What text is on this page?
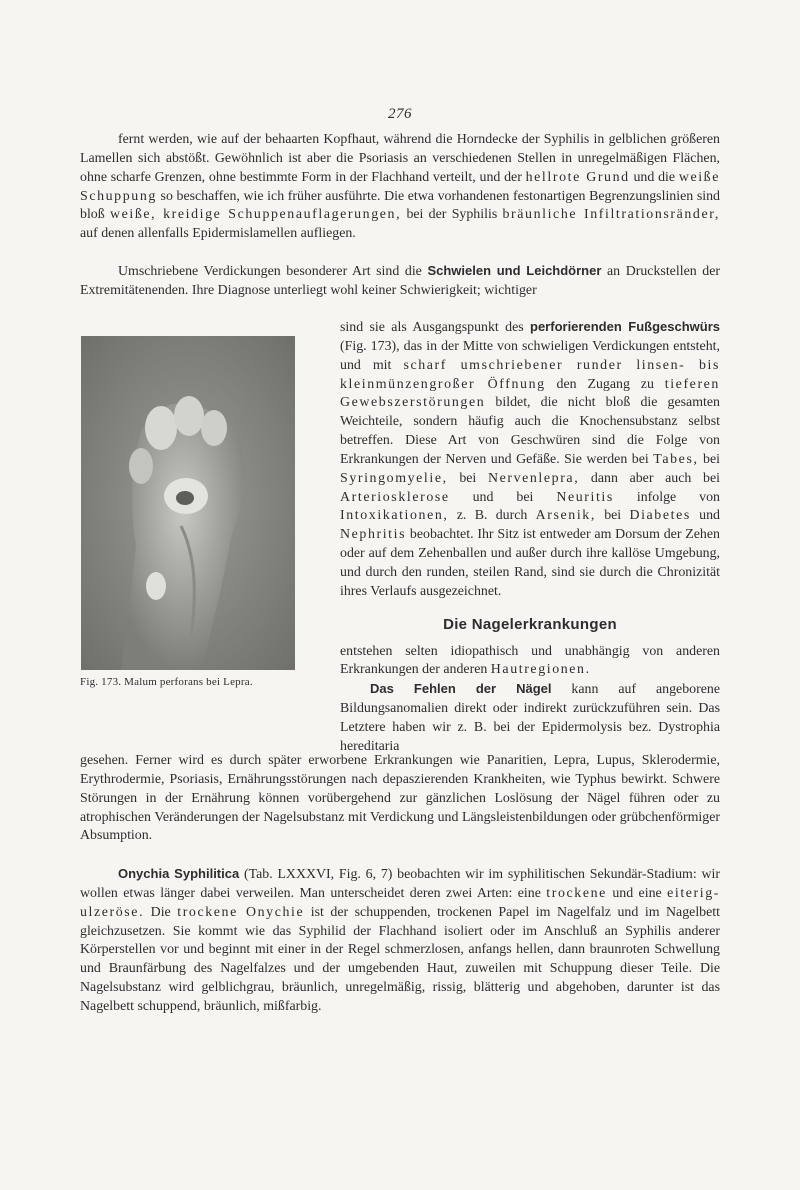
276
fernt werden, wie auf der behaarten Kopfhaut, während die Horndecke der Syphilis in gelblichen größeren Lamellen sich abstößt. Gewöhnlich ist aber die Psoriasis an verschiedenen Stellen in unregelmäßigen Flächen, ohne scharfe Grenzen, ohne bestimmte Form in der Flachhand verteilt, und der hellrote Grund und die weiße Schuppung so beschaffen, wie ich früher ausführte. Die etwa vorhandenen festonartigen Begrenzungslinien sind bloß weiße, kreidige Schuppenauflagerungen, bei der Syphilis bräunliche Infiltrationsränder, auf denen allenfalls Epidermislamellen aufliegen.
Umschriebene Verdickungen besonderer Art sind die Schwielen und Leichdörner an Druckstellen der Extremitätenenden. Ihre Diagnose unterliegt wohl keiner Schwierigkeit; wichtiger
Fig. 173. Malum perforans bei Lepra.
sind sie als Ausgangspunkt des perforierenden Fußgeschwürs (Fig. 173), das in der Mitte von schwieligen Verdickungen entsteht, und mit scharf umschriebener runder linsen- bis kleinmünzengroßer Öffnung den Zugang zu tieferen Gewebszerstörungen bildet, die nicht bloß die gesamten Weichteile, sondern häufig auch die Knochensubstanz selbst betreffen. Diese Art von Geschwüren sind die Folge von Erkrankungen der Nerven und Gefäße. Sie werden bei Tabes, bei Syringomyelie, bei Nervenlepra, dann aber auch bei Arteriosklerose und bei Neuritis infolge von Intoxikationen, z. B. durch Arsenik, bei Diabetes und Nephritis beobachtet. Ihr Sitz ist entweder am Dorsum der Zehen oder auf dem Zehenballen und außer durch ihre kallöse Umgebung, und durch den runden, steilen Rand, sind sie durch die Chronizität ihres Verlaufs ausgezeichnet.
Die Nagelerkrankungen

entstehen selten idiopathisch und unabhängig von anderen Erkrankungen der anderen Hautregionen.

Das Fehlen der Nägel kann auf angeborene Bildungsanomalien direkt oder indirekt zurückzuführen sein. Das Letztere haben wir z. B. bei der Epidermolysis bez. Dystrophia hereditaria

gesehen. Ferner wird es durch später erworbene Erkrankungen wie Panaritien, Lepra, Lupus, Sklerodermie, Erythrodermie, Psoriasis, Ernährungsstörungen nach depaszierenden Krankheiten, wie Typhus bewirkt. Schwere Störungen in der Ernährung können vorübergehend zur gänzlichen Loslösung der Nägel führen oder zu atrophischen Veränderungen der Nagelsubstanz mit Verdickung und Längsleistenbildungen oder grübchenförmiger Absumption.
Onychia Syphilitica (Tab. LXXXVI, Fig. 6, 7) beobachten wir im syphilitischen Sekundär-Stadium: wir wollen etwas länger dabei verweilen. Man unterscheidet deren zwei Arten: eine trockene und eine eiterig-ulzeröse. Die trockene Onychie ist der schuppenden, trockenen Papel im Nagelfalz und im Nagelbett gleichzusetzen. Sie kommt wie das Syphilid der Flachhand isoliert oder im Anschluß an Syphilis anderer Körperstellen vor und beginnt mit einer in der Regel schmerzlosen, anfangs hellen, dann braunroten Schwellung und Braunfärbung des Nagelfalzes und der umgebenden Haut, zuweilen mit Schuppung dieser Teile. Die Nagelsubstanz wird gelblichgrau, bräunlich, unregelmäßig, rissig, blätterig und abgehoben, darunter ist das Nagelbett schuppend, bräunlich, mißfarbig.
